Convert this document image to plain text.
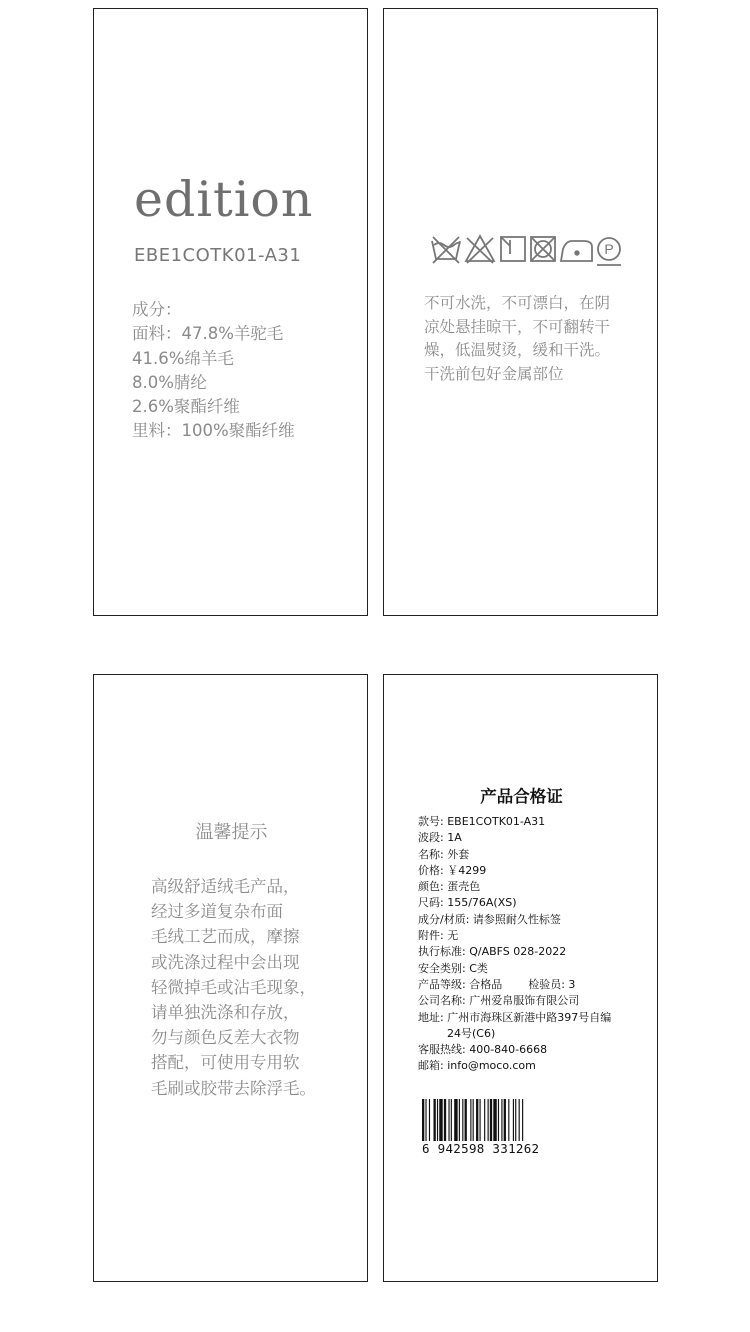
edition
EBE1COTK01-A31
成分：
面料：47.8%羊驼毛
41.6%绵羊毛
8.0%腈纶
2.6%聚酯纤维
里料：100%聚酯纤维
P
不可水洗，不可漂白，在阴
凉处悬挂晾干，不可翻转干
燥，低温熨烫，缓和干洗。
干洗前包好金属部位
温馨提示
高级舒适绒毛产品，
经过多道复杂布面
毛绒工艺而成，摩擦
或洗涤过程中会出现
轻微掉毛或沾毛现象，
请单独洗涤和存放，
勿与颜色反差大衣物
搭配，可使用专用软
毛刷或胶带去除浮毛。
产品合格证
款号: EBE1COTK01-A31
波段: 1A
名称: 外套
价格: ￥4299
颜色: 蛋壳色
尺码: 155/76A(XS)
成分/材质: 请参照耐久性标签
附件: 无
执行标准: Q/ABFS 028-2022
安全类别: C类
产品等级: 合格品 检验员: 3
公司名称: 广州爱帛服饰有限公司
地址: 广州市海珠区新港中路397号自编
24号(C6)
客服热线: 400-840-6668
邮箱: info@moco.com
6 942598 331262
